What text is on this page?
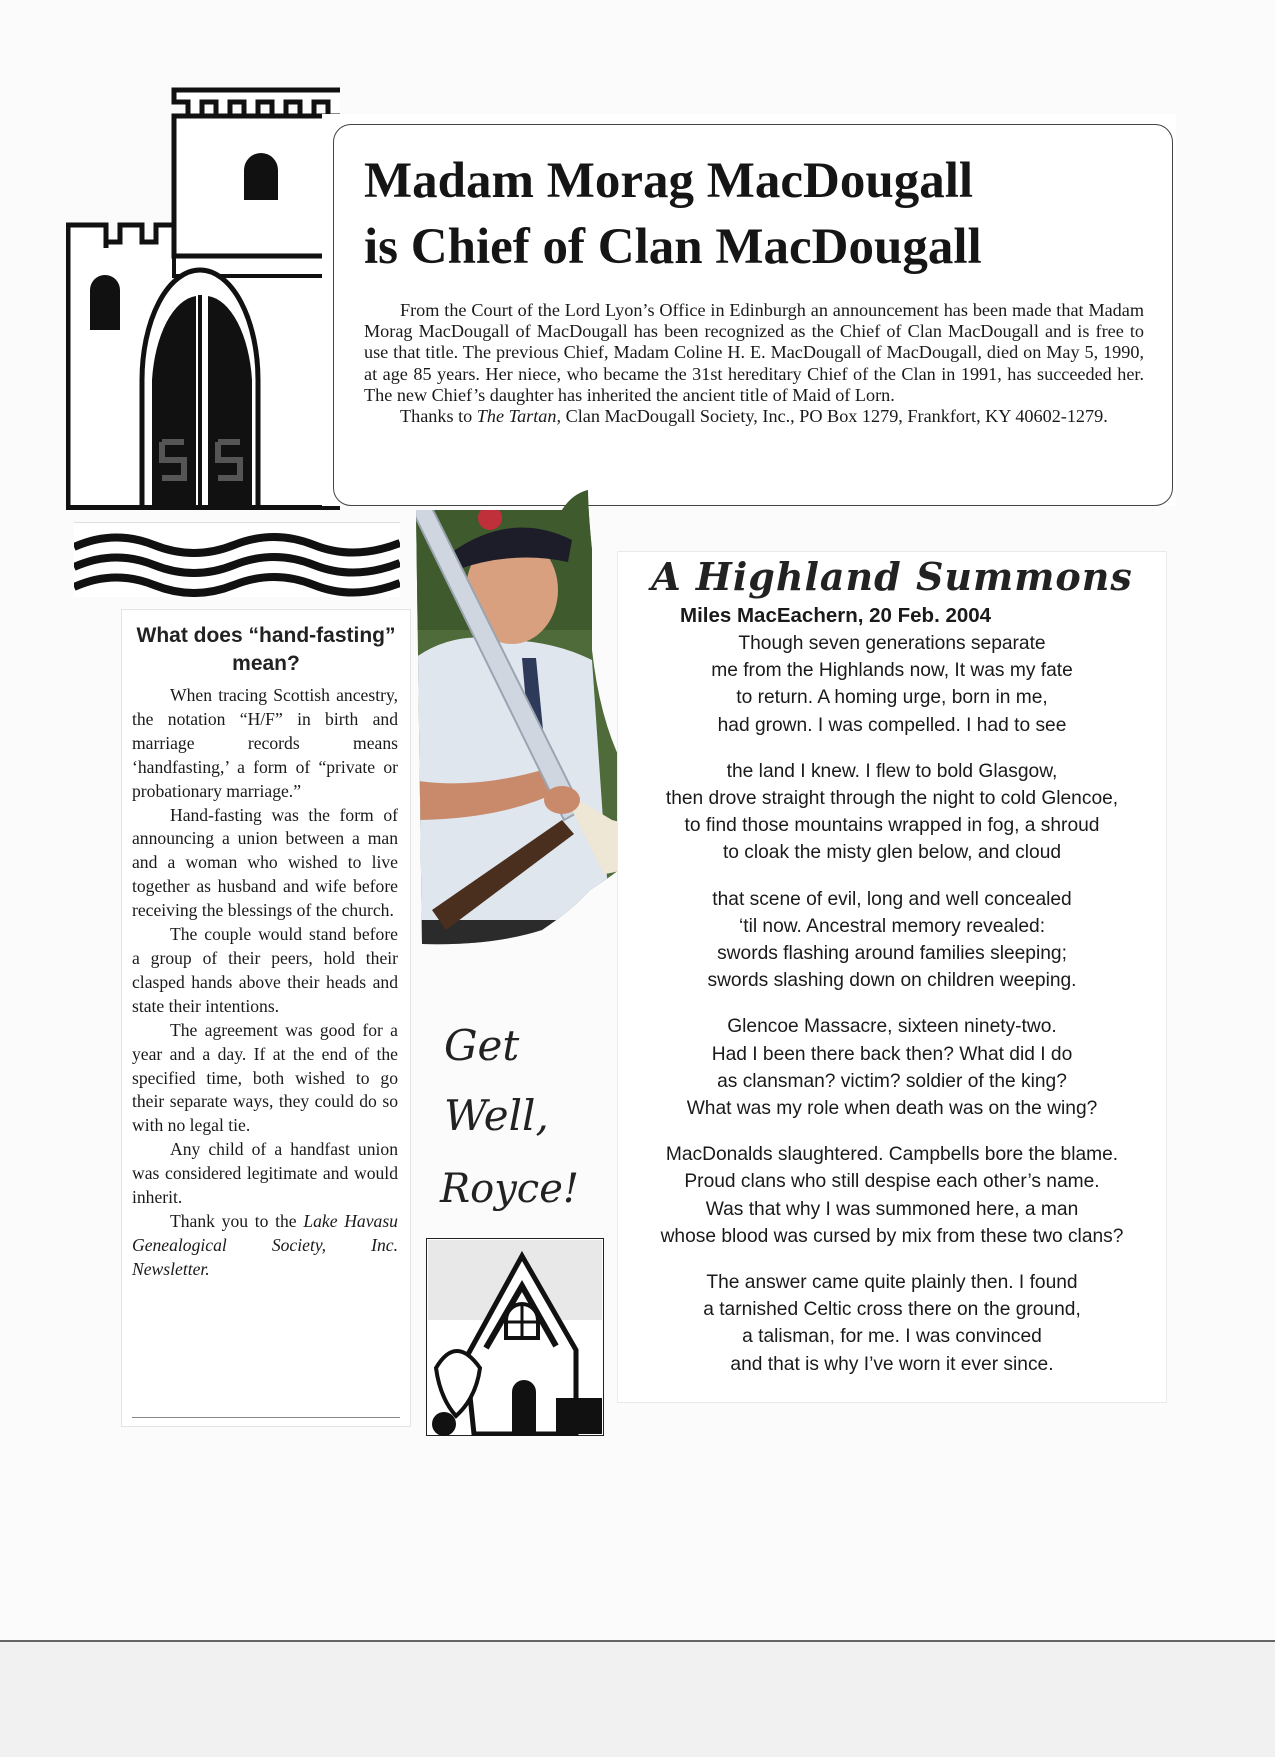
Madam Morag MacDougall
is Chief of Clan MacDougall

From the Court of the Lord Lyon’s Office in Edinburgh an announcement has been made that Madam Morag MacDougall of MacDougall has been recognized as the Chief of Clan MacDougall and is free to use that title. The previous Chief, Madam Coline H. E. MacDougall of MacDougall, died on May 5, 1990, at age 85 years. Her niece, who became the 31st hereditary Chief of the Clan in 1991, has succeeded her. The new Chief’s daughter has inherited the ancient title of Maid of Lorn.

Thanks to The Tartan, Clan MacDougall Society, Inc., PO Box 1279, Frankfort, KY 40602-1279.

What does “hand-fasting” mean?

When tracing Scottish ancestry, the notation “H/F” in birth and marriage records means ‘handfasting,’ a form of “private or probationary marriage.”

Hand-fasting was the form of announcing a union between a man and a woman who wished to live together as husband and wife before receiving the blessings of the church.

The couple would stand before a group of their peers, hold their clasped hands above their heads and state their intentions.

The agreement was good for a year and a day. If at the end of the specified time, both wished to go their separate ways, they could do so with no legal tie.

Any child of a handfast union was considered legitimate and would inherit.

Thank you to the Lake Havasu Genealogical Society, Inc. Newsletter.

Get
Well,
Royce!
A Highland Summons
Miles MacEachern, 20 Feb. 2004
Though seven generations separate
me from the Highlands now, It was my fate
to return. A homing urge, born in me,
had grown. I was compelled. I had to see
the land I knew. I flew to bold Glasgow,
then drove straight through the night to cold Glencoe,
to find those mountains wrapped in fog, a shroud
to cloak the misty glen below, and cloud
that scene of evil, long and well concealed
‘til now. Ancestral memory revealed:
swords flashing around families sleeping;
swords slashing down on children weeping.
Glencoe Massacre, sixteen ninety-two.
Had I been there back then? What did I do
as clansman? victim? soldier of the king?
What was my role when death was on the wing?
MacDonalds slaughtered. Campbells bore the blame.
Proud clans who still despise each other’s name.
Was that why I was summoned here, a man
whose blood was cursed by mix from these two clans?
The answer came quite plainly then. I found
a tarnished Celtic cross there on the ground,
a talisman, for me. I was convinced
and that is why I’ve worn it ever since.
